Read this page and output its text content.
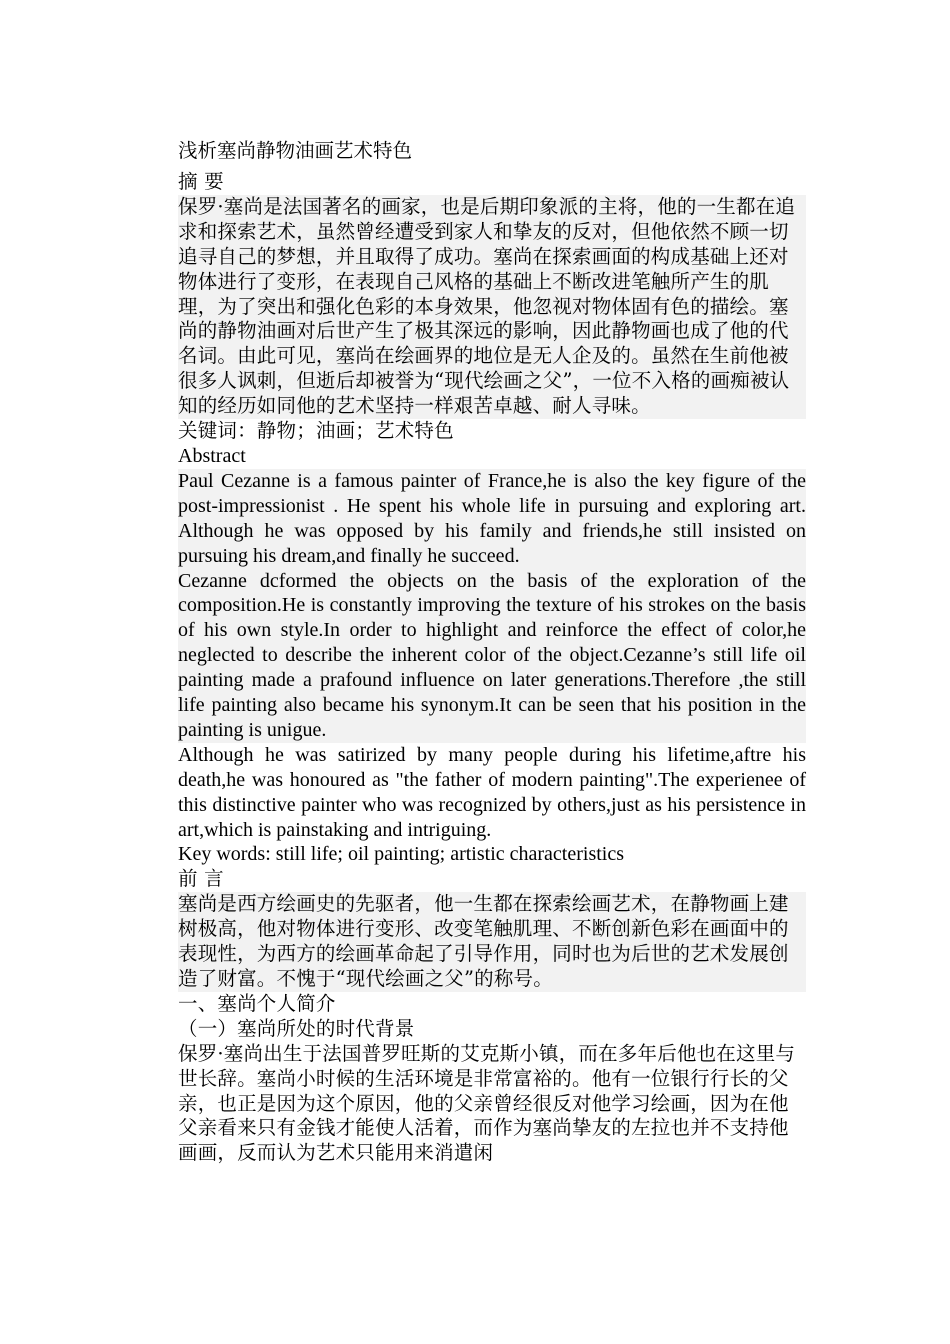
浅析塞尚静物油画艺术特色

摘 要

保罗·塞尚是法国著名的画家，也是后期印象派的主将，他的一生都在追求和探索艺术，虽然曾经遭受到家人和挚友的反对，但他依然不顾一切追寻自己的梦想，并且取得了成功。塞尚在探索画面的构成基础上还对物体进行了变形，在表现自己风格的基础上不断改进笔触所产生的肌理，为了突出和强化色彩的本身效果，他忽视对物体固有色的描绘。塞尚的静物油画对后世产生了极其深远的影响，因此静物画也成了他的代名词。由此可见，塞尚在绘画界的地位是无人企及的。虽然在生前他被很多人讽刺，但逝后却被誉为“现代绘画之父”，一位不入格的画痴被认知的经历如同他的艺术坚持一样艰苦卓越、耐人寻味。

关键词：静物；油画；艺术特色

Abstract

Paul Cezanne is a famous painter of France,he is also the key figure of the post-impressionist . He spent his whole life in pursuing and exploring art. Although he was opposed by his family and friends,he still insisted on pursuing his dream,and finally he succeed.

Cezanne dcformed the objects on the basis of the exploration of the composition.He is constantly improving the texture of his strokes on the basis of his own style.In order to highlight and reinforce the effect of color,he neglected to describe the inherent color of the object.Cezanne’s still life oil painting made a prafound influence on later generations.Therefore ,the still life painting also became his synonym.It can be seen that his position in the painting is unigue.

Although he was satirized by many people during his lifetime,aftre his death,he was honoured as "the father of modern painting".The experienee of this distinctive painter who was recognized by others,just as his persistence in art,which is painstaking and intriguing.

Key words: still life; oil painting; artistic characteristics

前 言

塞尚是西方绘画史的先驱者，他一生都在探索绘画艺术，在静物画上建树极高，他对物体进行变形、改变笔触肌理、不断创新色彩在画面中的表现性，为西方的绘画革命起了引导作用，同时也为后世的艺术发展创造了财富。不愧于“现代绘画之父”的称号。

一、塞尚个人简介

（一）塞尚所处的时代背景

保罗·塞尚出生于法国普罗旺斯的艾克斯小镇，而在多年后他也在这里与世长辞。塞尚小时候的生活环境是非常富裕的。他有一位银行行长的父亲，也正是因为这个原因，他的父亲曾经很反对他学习绘画，因为在他父亲看来只有金钱才能使人活着，而作为塞尚挚友的左拉也并不支持他画画，反而认为艺术只能用来消遣闲
